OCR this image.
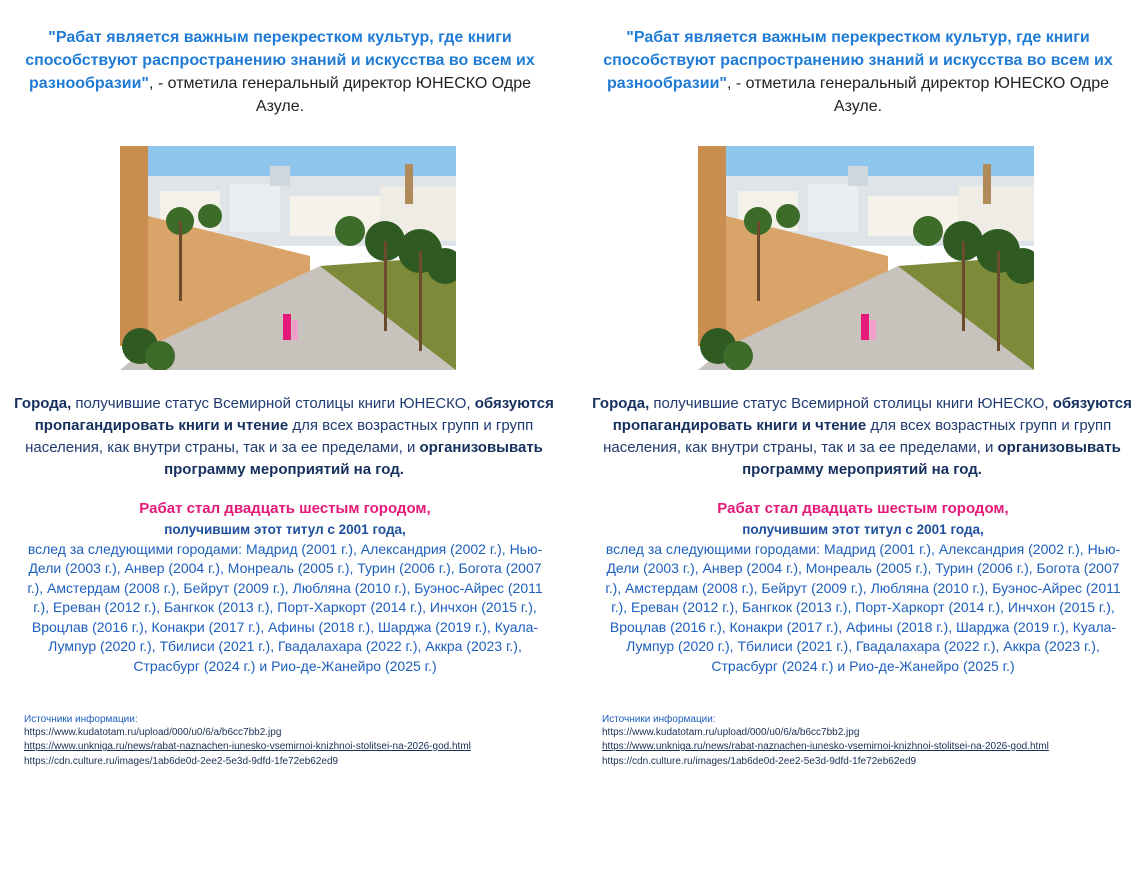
"Рабат является важным перекрестком культур, где книги способствуют распространению знаний и искусства во всем их разнообразии", - отметила генеральный директор ЮНЕСКО Одре Азуле.
Города, получившие статус Всемирной столицы книги ЮНЕСКО, обязуются пропагандировать книги и чтение для всех возрастных групп и групп населения, как внутри страны, так и за ее пределами, и организовывать программу мероприятий на год.
Рабат стал двадцать шестым городом,
получившим этот титул с 2001 года,
вслед за следующими городами: Мадрид (2001 г.), Александрия (2002 г.), Нью-Дели (2003 г.), Анвер (2004 г.), Монреаль (2005 г.), Турин (2006 г.), Богота (2007 г.), Амстердам (2008 г.), Бейрут (2009 г.), Любляна (2010 г.), Буэнос-Айрес (2011 г.), Ереван (2012 г.), Бангкок (2013 г.), Порт-Харкорт (2014 г.), Инчхон (2015 г.), Вроцлав (2016 г.), Конакри (2017 г.), Афины (2018 г.), Шарджа (2019 г.), Куала-Лумпур (2020 г.), Тбилиси (2021 г.), Гвадалахара (2022 г.), Аккра (2023 г.), Страсбург (2024 г.) и Рио-де-Жанейро (2025 г.)
Источники информации:
https://www.kudatotam.ru/upload/000/u0/6/a/b6cc7bb2.jpg
https://www.unkniga.ru/news/rabat-naznachen-iunesko-vsemirnoi-knizhnoi-stolitsei-na-2026-god.html
https://cdn.culture.ru/images/1ab6de0d-2ee2-5e3d-9dfd-1fe72eb62ed9
"Рабат является важным перекрестком культур, где книги способствуют распространению знаний и искусства во всем их разнообразии", - отметила генеральный директор ЮНЕСКО Одре Азуле.
Города, получившие статус Всемирной столицы книги ЮНЕСКО, обязуются пропагандировать книги и чтение для всех возрастных групп и групп населения, как внутри страны, так и за ее пределами, и организовывать программу мероприятий на год.
Рабат стал двадцать шестым городом,
получившим этот титул с 2001 года,
вслед за следующими городами: Мадрид (2001 г.), Александрия (2002 г.), Нью-Дели (2003 г.), Анвер (2004 г.), Монреаль (2005 г.), Турин (2006 г.), Богота (2007 г.), Амстердам (2008 г.), Бейрут (2009 г.), Любляна (2010 г.), Буэнос-Айрес (2011 г.), Ереван (2012 г.), Бангкок (2013 г.), Порт-Харкорт (2014 г.), Инчхон (2015 г.), Вроцлав (2016 г.), Конакри (2017 г.), Афины (2018 г.), Шарджа (2019 г.), Куала-Лумпур (2020 г.), Тбилиси (2021 г.), Гвадалахара (2022 г.), Аккра (2023 г.), Страсбург (2024 г.) и Рио-де-Жанейро (2025 г.)
Источники информации:
https://www.kudatotam.ru/upload/000/u0/6/a/b6cc7bb2.jpg
https://www.unkniga.ru/news/rabat-naznachen-iunesko-vsemirnoi-knizhnoi-stolitsei-na-2026-god.html
https://cdn.culture.ru/images/1ab6de0d-2ee2-5e3d-9dfd-1fe72eb62ed9
